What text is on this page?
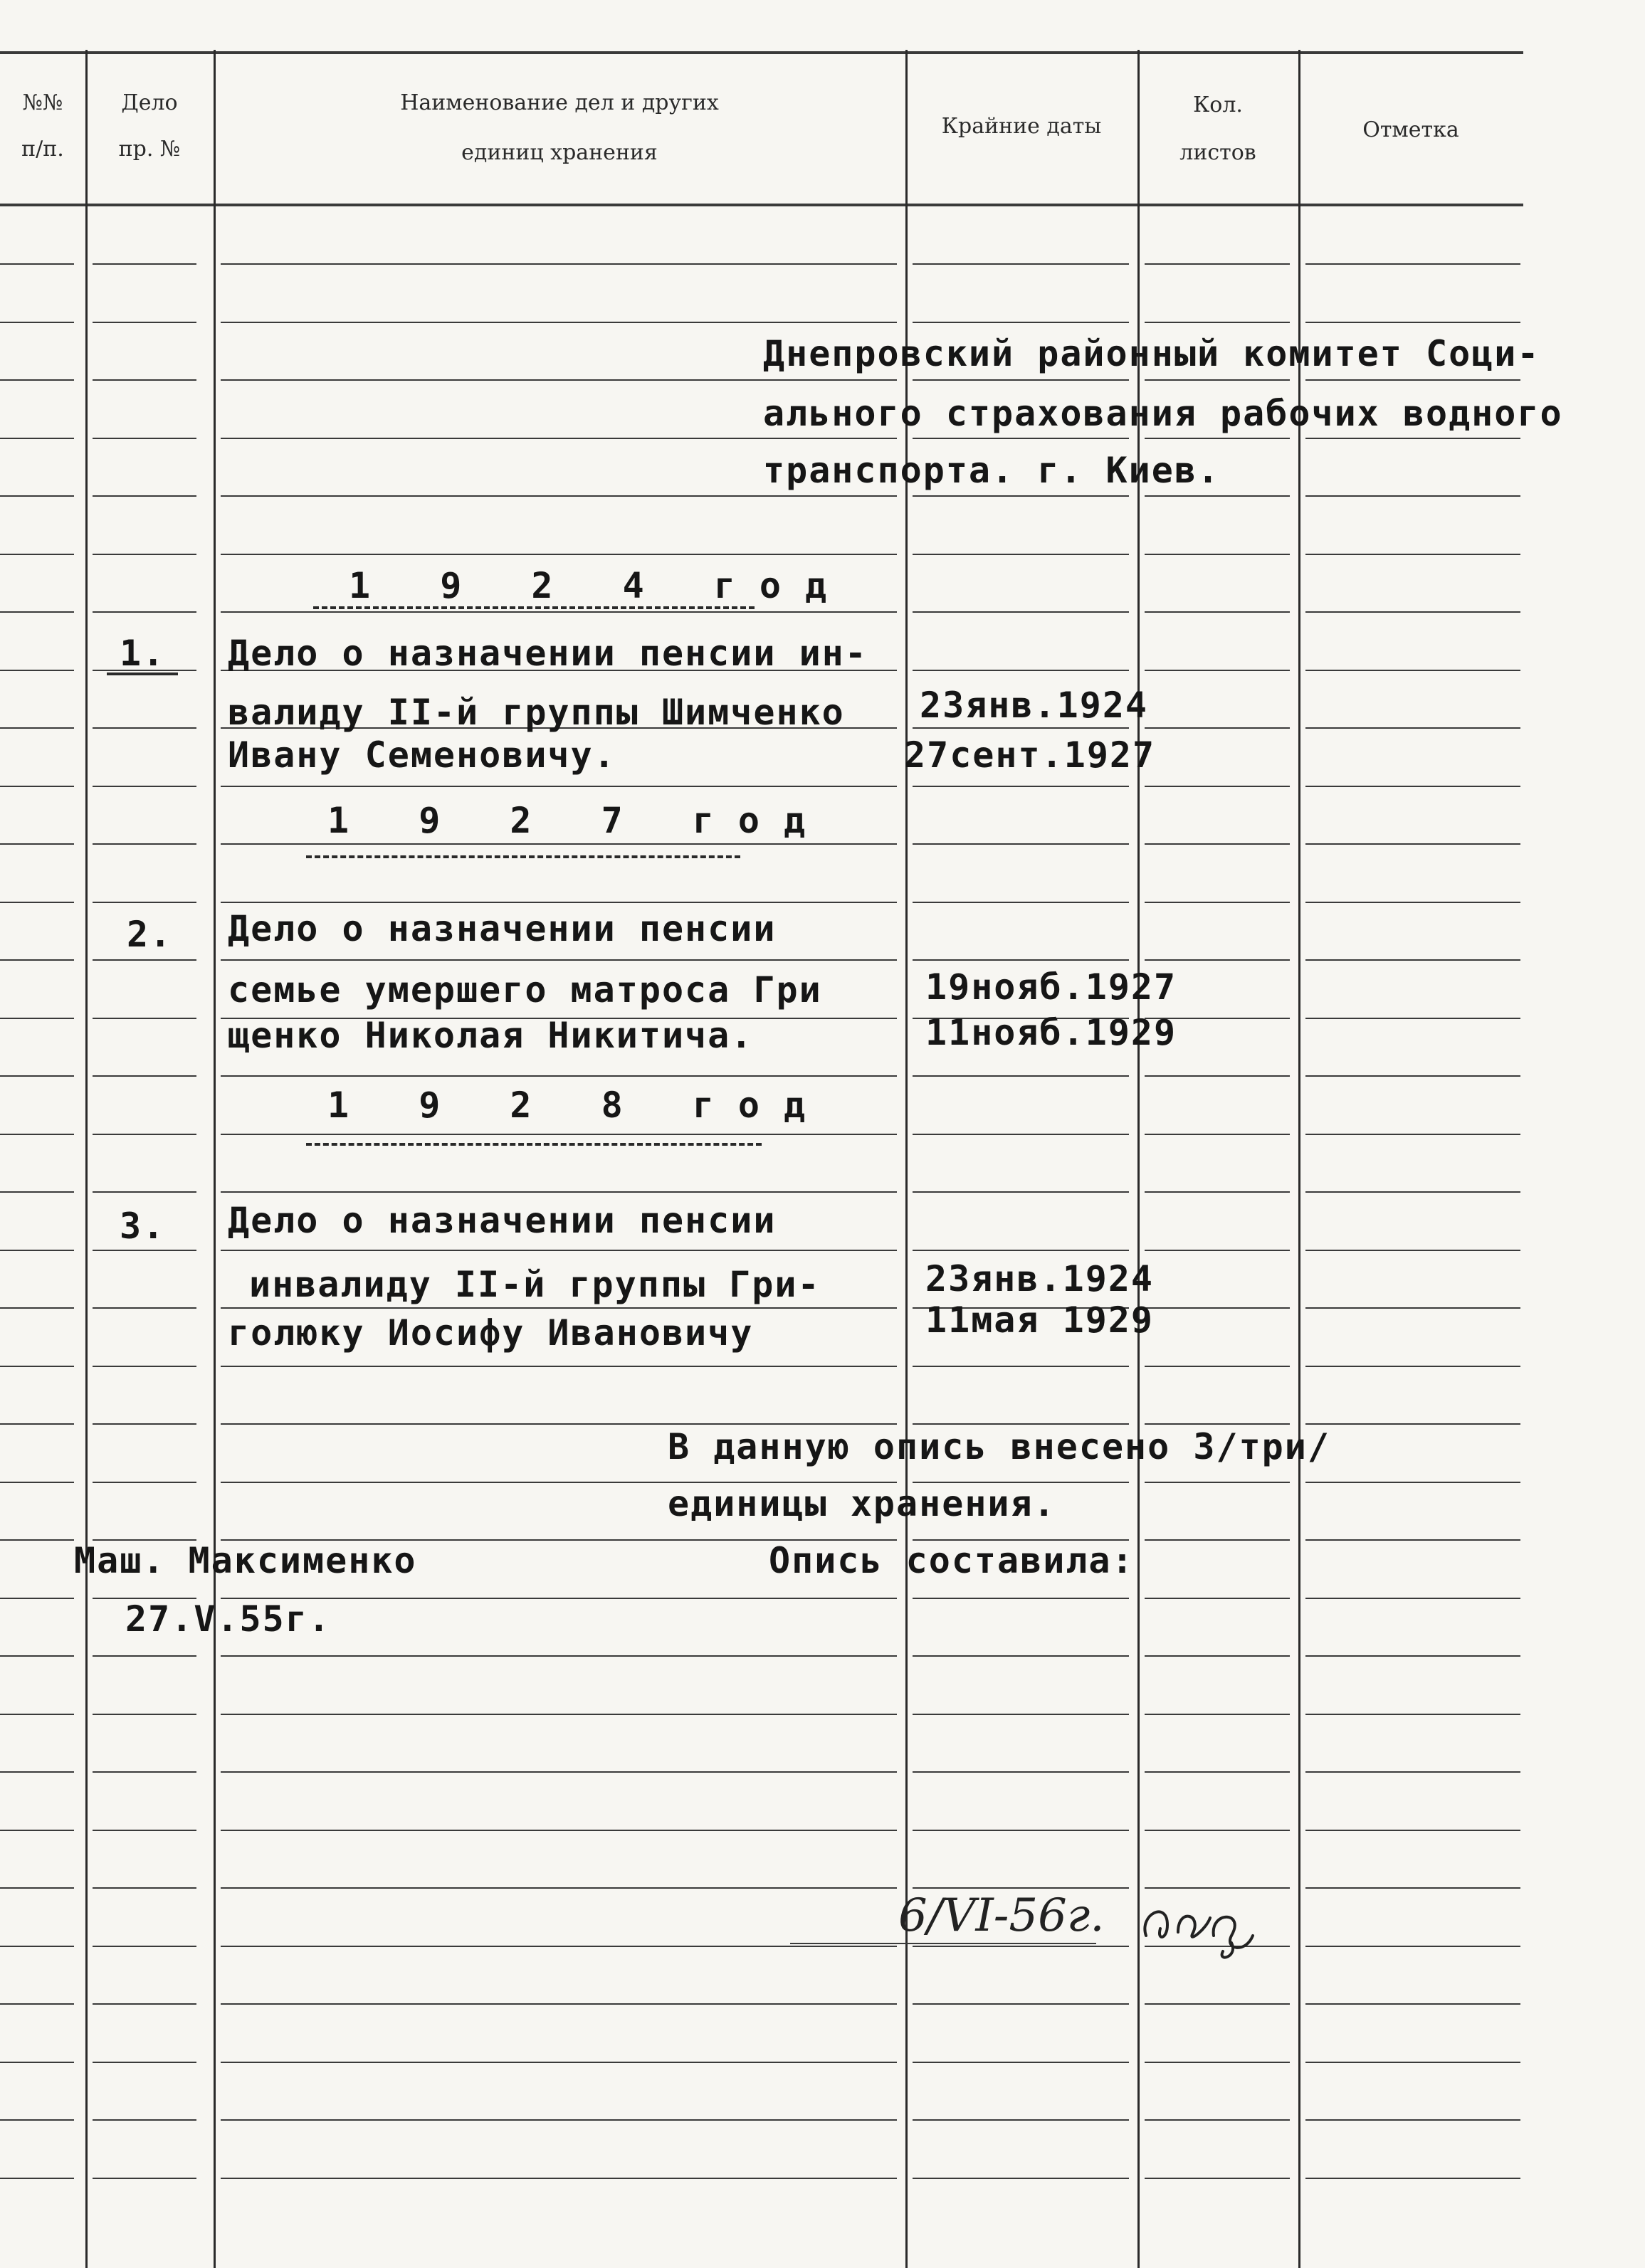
№№
п/п.
Дело
пр. №
Наименование дел и других
единиц хранения
Крайние даты
Кол.
листов
Отметка
Днепровский районный комитет Соци-
ального страхования рабочих водного
транспорта. г. Киев.
1 9 2 4 год
1. Дело о назначении пенсии ин-
валиду II-й группы Шимченко
Ивану Семеновичу.
23янв.1924
27сент.1927
1 9 2 7 год
2. Дело о назначении пенсии
семье умершего матроса Гри
щенко Николая Никитича.
19нояб.1927
11нояб.1929
1 9 2 8 год
3. Дело о назначении пенсии
инвалиду II-й группы Гри-
голюку Иосифу Ивановичу
23янв.1924
11мая 1929
В данную опись внесено 3/три/
единицы хранения.
Маш. Максименко	Опись составила:
27.V.55г.
6/VI-56г.
